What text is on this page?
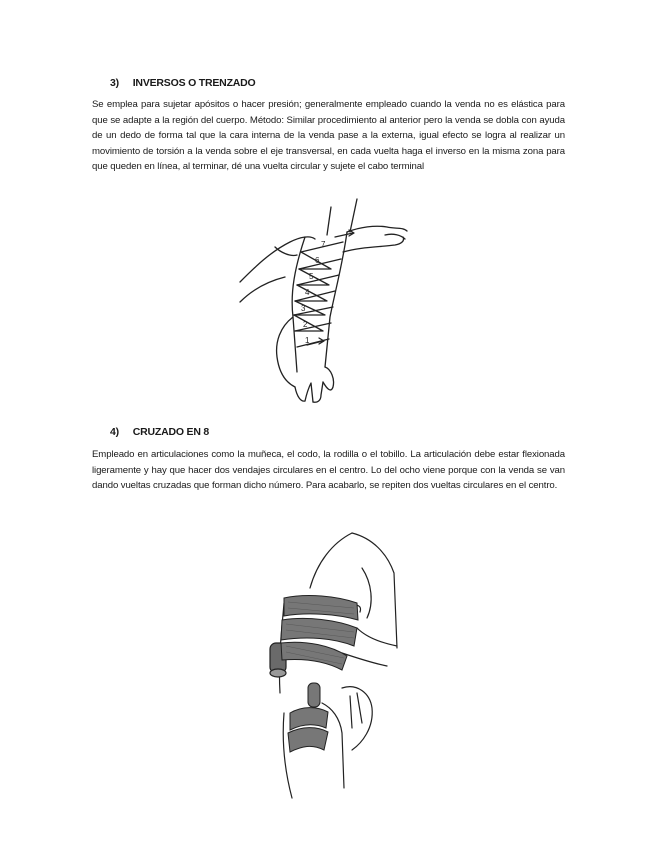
3) INVERSOS O TRENZADO

Se emplea para sujetar apósitos o hacer presión; generalmente empleado cuando la venda no es elástica para que se adapte a la región del cuerpo. Método: Similar procedimiento al anterior pero la venda se dobla con ayuda de un dedo de forma tal que la cara interna de la venda pase a la externa, igual efecto se logra al realizar un movimiento de torsión a la venda sobre el eje transversal, en cada vuelta haga el inverso en la misma zona para que queden en línea, al terminar, dé una vuelta circular y sujete el cabo terminal

1
2
3
4
5
6
7
4) CRUZADO EN 8

Empleado en articulaciones como la muñeca, el codo, la rodilla o el tobillo. La articulación debe estar flexionada ligeramente y hay que hacer dos vendajes circulares en el centro. Lo del ocho viene porque con la venda se van dando vueltas cruzadas que forman dicho número. Para acabarlo, se repiten dos vueltas circulares en el centro.
